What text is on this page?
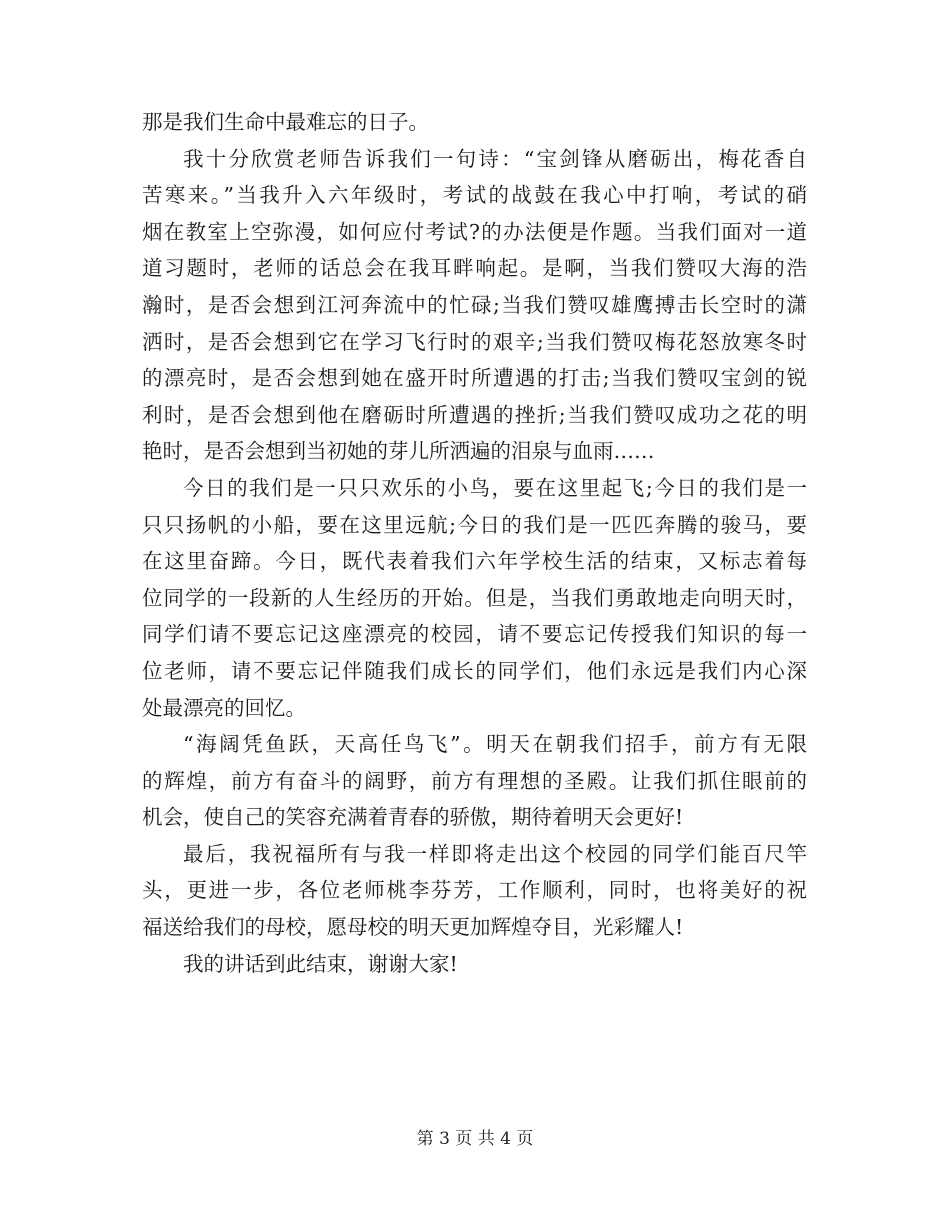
那是我们生命中最难忘的日子。
我十分欣赏老师告诉我们一句诗：“宝剑锋从磨砺出，梅花香自
苦寒来。”当我升入六年级时，考试的战鼓在我心中打响，考试的硝
烟在教室上空弥漫，如何应付考试?的办法便是作题。当我们面对一道
道习题时，老师的话总会在我耳畔响起。是啊，当我们赞叹大海的浩
瀚时，是否会想到江河奔流中的忙碌;当我们赞叹雄鹰搏击长空时的潇
洒时，是否会想到它在学习飞行时的艰辛;当我们赞叹梅花怒放寒冬时
的漂亮时，是否会想到她在盛开时所遭遇的打击;当我们赞叹宝剑的锐
利时，是否会想到他在磨砺时所遭遇的挫折;当我们赞叹成功之花的明
艳时，是否会想到当初她的芽儿所洒遍的泪泉与血雨……
今日的我们是一只只欢乐的小鸟，要在这里起飞;今日的我们是一
只只扬帆的小船，要在这里远航;今日的我们是一匹匹奔腾的骏马，要
在这里奋蹄。今日，既代表着我们六年学校生活的结束，又标志着每
位同学的一段新的人生经历的开始。但是，当我们勇敢地走向明天时，
同学们请不要忘记这座漂亮的校园，请不要忘记传授我们知识的每一
位老师，请不要忘记伴随我们成长的同学们，他们永远是我们内心深
处最漂亮的回忆。
“海阔凭鱼跃，天高任鸟飞”。明天在朝我们招手，前方有无限
的辉煌，前方有奋斗的阔野，前方有理想的圣殿。让我们抓住眼前的
机会，使自己的笑容充满着青春的骄傲，期待着明天会更好!
最后，我祝福所有与我一样即将走出这个校园的同学们能百尺竿
头，更进一步，各位老师桃李芬芳，工作顺利，同时，也将美好的祝
福送给我们的母校，愿母校的明天更加辉煌夺目，光彩耀人!
我的讲话到此结束，谢谢大家!
第 3 页 共 4 页
